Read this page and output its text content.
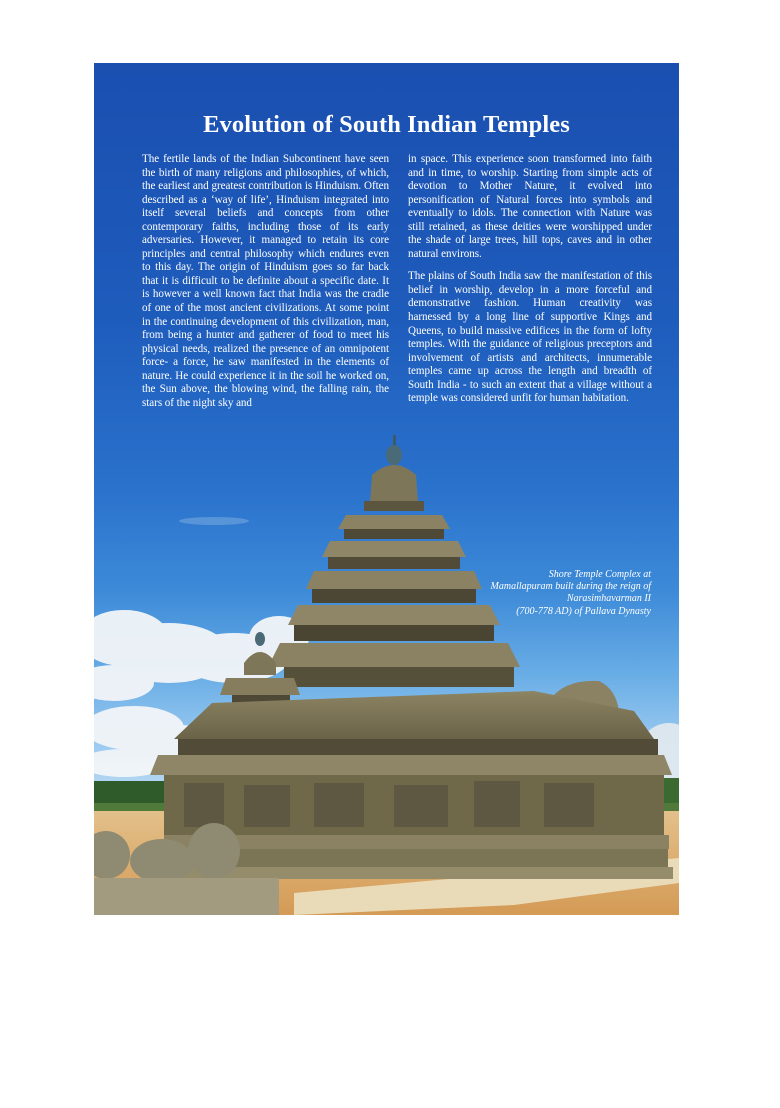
Evolution of South Indian Temples

The fertile lands of the Indian Subcontinent have seen the birth of many religions and philosophies, of which, the earliest and greatest contribution is Hinduism. Often described as a ‘way of life’, Hinduism integrated into itself several beliefs and concepts from other contemporary faiths, including those of its early adversaries. However, it managed to retain its core principles and central philosophy which endures even to this day. The origin of Hinduism goes so far back that it is difficult to be definite about a specific date. It is however a well known fact that India was the cradle of one of the most ancient civilizations. At some point in the continuing development of this civilization, man, from being a hunter and gatherer of food to meet his physical needs, realized the presence of an omnipotent force- a force, he saw manifested in the elements of nature. He could experience it in the soil he worked on, the Sun above, the blowing wind, the falling rain, the stars of the night sky and

in space. This experience soon transformed into faith and in time, to worship. Starting from simple acts of devotion to Mother Nature, it evolved into personification of Natural forces into symbols and eventually to idols. The connection with Nature was still retained, as these deities were worshipped under the shade of large trees, hill tops, caves and in other natural environs.

The plains of South India saw the manifestation of this belief in worship, develop in a more forceful and demonstrative fashion. Human creativity was harnessed by a long line of supportive Kings and Queens, to build massive edifices in the form of lofty temples. With the guidance of religious preceptors and involvement of artists and architects, innumerable temples came up across the length and breadth of South India - to such an extent that a village without a temple was considered unfit for human habitation.

Shore Temple Complex at
Mamallapuram built during the reign of
Narasimhavarman II
(700-778 AD) of Pallava Dynasty
